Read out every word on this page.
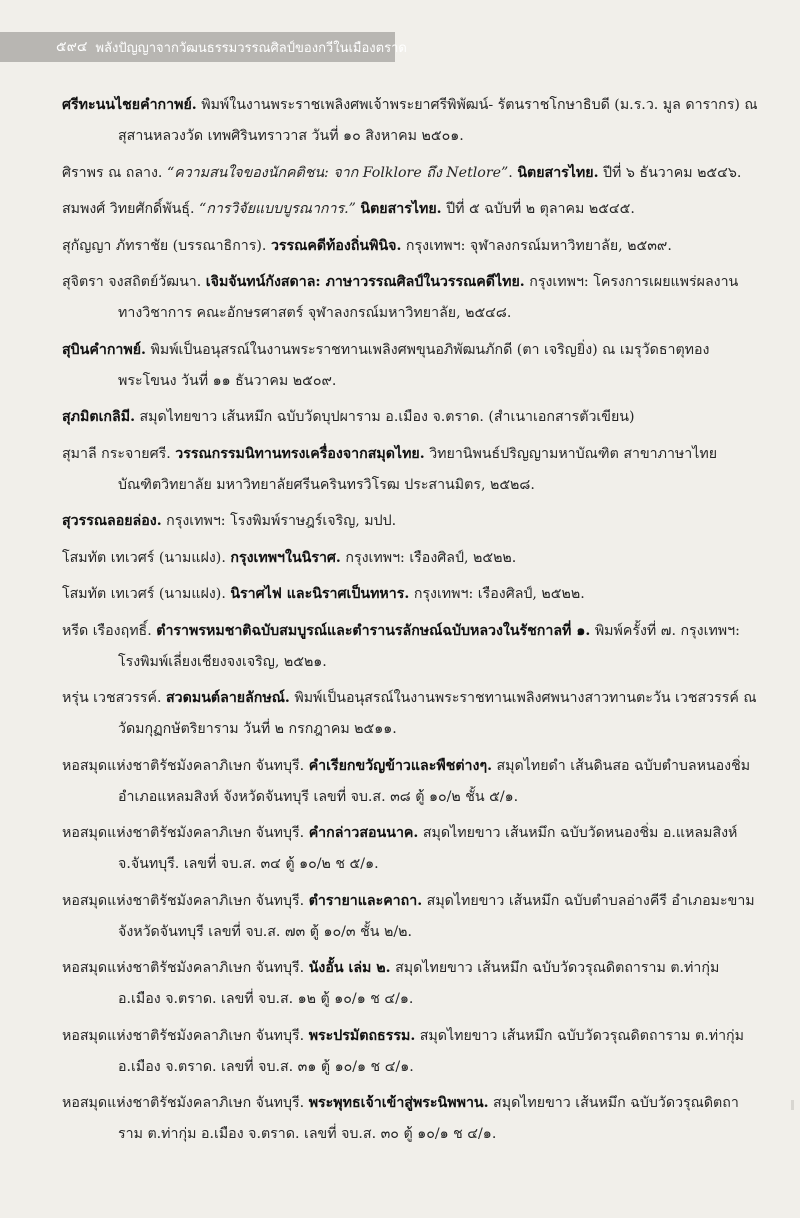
๕๙๔ พลังปัญญาจากวัฒนธรรมวรรณศิลป์ของกวีในเมืองตราด

ศรีทะนนไชยคำกาพย์. พิมพ์ในงานพระราชเพลิงศพเจ้าพระยาศรีพิพัฒน์- รัตนราชโกษาธิบดี (ม.ร.ว. มูล ดารากร) ณ สุสานหลวงวัด เทพศิรินทราวาส วันที่ ๑๐ สิงหาคม ๒๕๐๑.

ศิราพร ณ ถลาง. “ความสนใจของนักคติชน: จาก Folklore ถึง Netlore”. นิตยสารไทย. ปีที่ ๖ ธันวาคม ๒๕๔๖.

สมพงศ์ วิทยศักดิ์พันธุ์. “การวิจัยแบบบูรณาการ.” นิตยสารไทย. ปีที่ ๕ ฉบับที่ ๒ ตุลาคม ๒๕๔๕.

สุกัญญา ภัทราชัย (บรรณาธิการ). วรรณคดีท้องถิ่นพินิจ. กรุงเทพฯ: จุฬาลงกรณ์มหาวิทยาลัย, ๒๕๓๙.

สุจิตรา จงสถิตย์วัฒนา. เจิมจันทน์กังสดาล: ภาษาวรรณศิลป์ในวรรณคดีไทย. กรุงเทพฯ: โครงการเผยแพร่ผลงานทางวิชาการ คณะอักษรศาสตร์ จุฬาลงกรณ์มหาวิทยาลัย, ๒๕๔๘.

สุบินคำกาพย์. พิมพ์เป็นอนุสรณ์ในงานพระราชทานเพลิงศพขุนอภิพัฒนภักดี (ตา เจริญยิ่ง) ณ เมรุวัดธาตุทองพระโขนง วันที่ ๑๑ ธันวาคม ๒๕๐๙.

สุภมิตเกลิมี. สมุดไทยขาว เส้นหมึก ฉบับวัดบุปผาราม อ.เมือง จ.ตราด. (สำเนาเอกสารตัวเขียน)

สุมาลี กระจายศรี. วรรณกรรมนิทานทรงเครื่องจากสมุดไทย. วิทยานิพนธ์ปริญญามหาบัณฑิต สาขาภาษาไทย บัณฑิตวิทยาลัย มหาวิทยาลัยศรีนครินทรวิโรฒ ประสานมิตร, ๒๕๒๘.

สุวรรณลอยล่อง. กรุงเทพฯ: โรงพิมพ์ราษฎร์เจริญ, มปป.

โสมทัต เทเวศร์ (นามแฝง). กรุงเทพฯในนิราศ. กรุงเทพฯ: เรืองศิลป์, ๒๕๒๒.

โสมทัต เทเวศร์ (นามแฝง). นิราศไฟ และนิราศเป็นทหาร. กรุงเทพฯ: เรืองศิลป์, ๒๕๒๒.

หรีด เรืองฤทธิ์. ตำราพรหมชาติฉบับสมบูรณ์และตำรานรลักษณ์ฉบับหลวงในรัชกาลที่ ๑. พิมพ์ครั้งที่ ๗. กรุงเทพฯ: โรงพิมพ์เลี่ยงเชียงจงเจริญ, ๒๕๒๑.

หรุ่น เวชสวรรค์. สวดมนต์ลายลักษณ์. พิมพ์เป็นอนุสรณ์ในงานพระราชทานเพลิงศพนางสาวทานตะวัน เวชสวรรค์ ณ วัดมกุฏกษัตริยาราม วันที่ ๒ กรกฎาคม ๒๕๑๑.

หอสมุดแห่งชาติรัชมังคลาภิเษก จันทบุรี. คำเรียกขวัญข้าวและพืชต่างๆ. สมุดไทยดำ เส้นดินสอ ฉบับตำบลหนองชิ่ม อำเภอแหลมสิงห์ จังหวัดจันทบุรี เลขที่ จบ.ส. ๓๘ ตู้ ๑๐/๒ ชั้น ๕/๑.

หอสมุดแห่งชาติรัชมังคลาภิเษก จันทบุรี. คำกล่าวสอนนาค. สมุดไทยขาว เส้นหมึก ฉบับวัดหนองชิ่ม อ.แหลมสิงห์ จ.จันทบุรี. เลขที่ จบ.ส. ๓๔ ตู้ ๑๐/๒ ช ๕/๑.

หอสมุดแห่งชาติรัชมังคลาภิเษก จันทบุรี. ตำรายาและคาถา. สมุดไทยขาว เส้นหมึก ฉบับตำบลอ่างคีรี อำเภอมะขาม จังหวัดจันทบุรี เลขที่ จบ.ส. ๗๓ ตู้ ๑๐/๓ ชั้น ๒/๒.

หอสมุดแห่งชาติรัชมังคลาภิเษก จันทบุรี. นังอั้น เล่ม ๒. สมุดไทยขาว เส้นหมึก ฉบับวัดวรุณดิตถาราม ต.ท่ากุ่ม อ.เมือง จ.ตราด. เลขที่ จบ.ส. ๑๒ ตู้ ๑๐/๑ ช ๔/๑.

หอสมุดแห่งชาติรัชมังคลาภิเษก จันทบุรี. พระปรมัตถธรรม. สมุดไทยขาว เส้นหมึก ฉบับวัดวรุณดิตถาราม ต.ท่ากุ่ม อ.เมือง จ.ตราด. เลขที่ จบ.ส. ๓๑ ตู้ ๑๐/๑ ช ๔/๑.

หอสมุดแห่งชาติรัชมังคลาภิเษก จันทบุรี. พระพุทธเจ้าเข้าสู่พระนิพพาน. สมุดไทยขาว เส้นหมึก ฉบับวัดวรุณดิตถาราม ต.ท่ากุ่ม อ.เมือง จ.ตราด. เลขที่ จบ.ส. ๓๐ ตู้ ๑๐/๑ ช ๔/๑.
